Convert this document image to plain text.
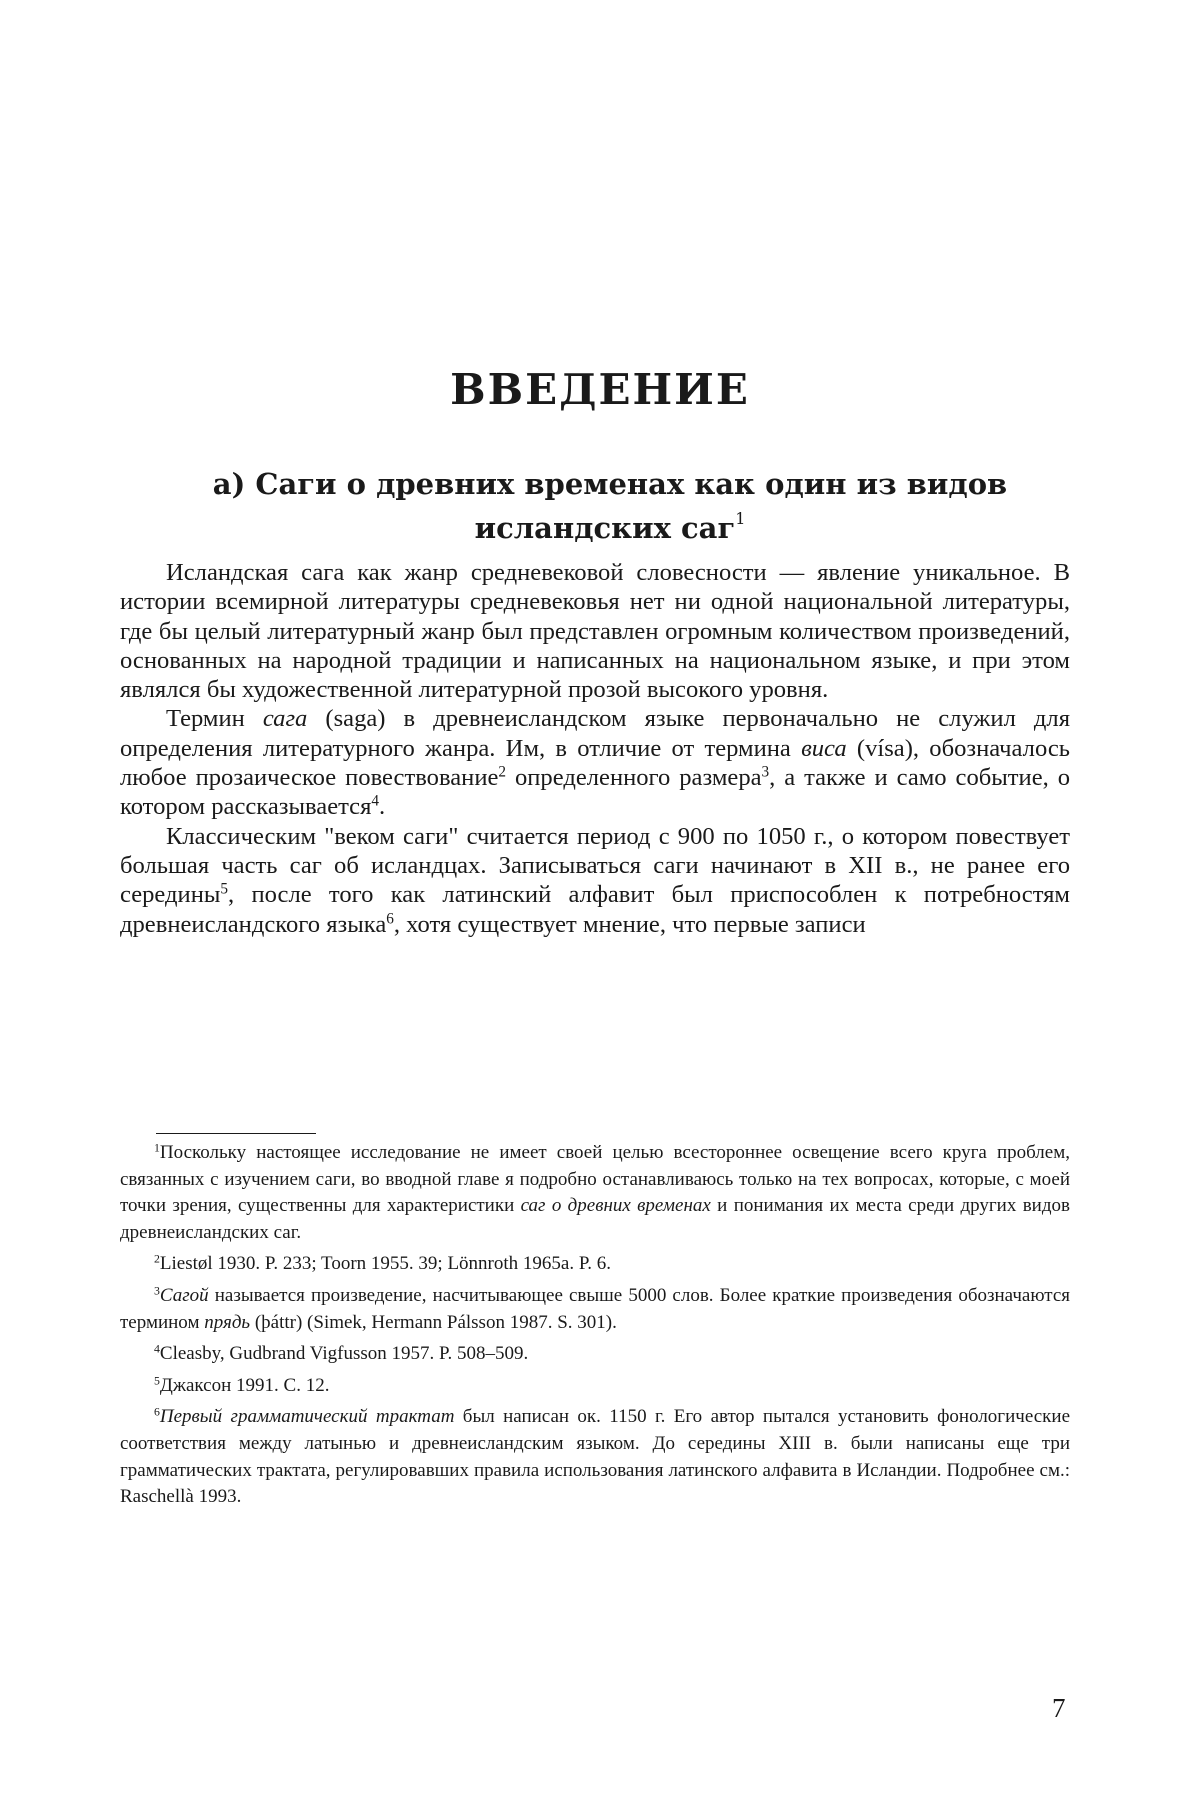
ВВЕДЕНИЕ
а) Саги о древних временах как один из видов исландских саг1

Исландская сага как жанр средневековой словесности — явление уникальное. В истории всемирной литературы средневековья нет ни одной национальной литературы, где бы целый литературный жанр был представлен огромным количеством произведений, основанных на народной традиции и написанных на национальном языке, и при этом являлся бы художественной литературной прозой высокого уровня.

Термин сага (saga) в древнеисландском языке первоначально не служил для определения литературного жанра. Им, в отличие от термина виса (vísa), обозначалось любое прозаическое повествование2 определенного размера3, а также и само событие, о котором рассказывается4.

Классическим "веком саги" считается период с 900 по 1050 г., о котором повествует большая часть саг об исландцах. Записываться саги начинают в XII в., не ранее его середины5, после того как латинский алфавит был приспособлен к потребностям древнеисландского языка6, хотя существует мнение, что первые записи

1Поскольку настоящее исследование не имеет своей целью всестороннее освещение всего круга проблем, связанных с изучением саги, во вводной главе я подробно останавливаюсь только на тех вопросах, которые, с моей точки зрения, существенны для характеристики саг о древних временах и понимания их места среди других видов древнеисландских саг.

2Liestøl 1930. P. 233; Toorn 1955. 39; Lönnroth 1965a. P. 6.

3Сагой называется произведение, насчитывающее свыше 5000 слов. Более краткие произведения обозначаются термином прядь (þáttr) (Simek, Hermann Pálsson 1987. S. 301).

4Cleasby, Gudbrand Vigfusson 1957. P. 508–509.

5Джаксон 1991. С. 12.

6Первый грамматический трактат был написан ок. 1150 г. Его автор пытался установить фонологические соответствия между латынью и древнеисландским языком. До середины XIII в. были написаны еще три грамматических трактата, регулировавших правила использования латинского алфавита в Исландии. Подробнее см.: Raschellà 1993.

7
